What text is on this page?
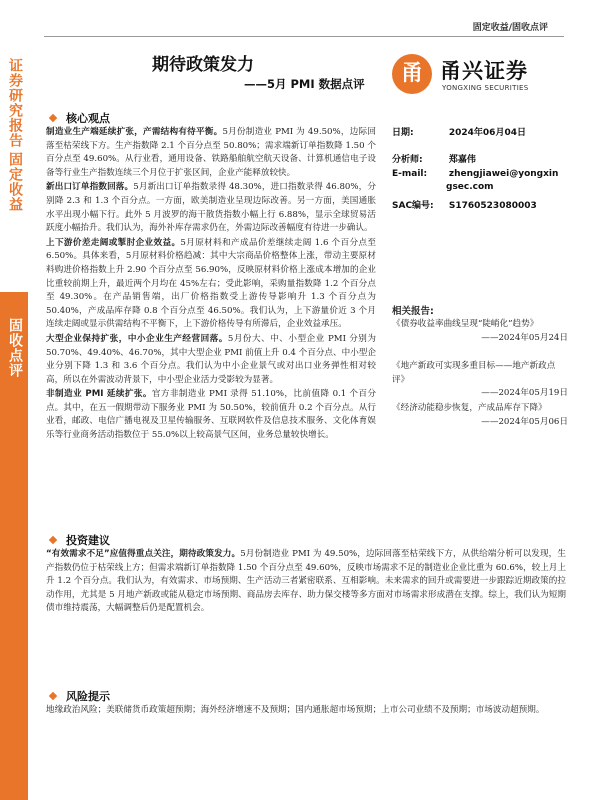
证券研究报告
固定收益
固收点评
固定收益/固收点评
期待政策发力
——5月 PMI 数据点评	甬 甬兴证券
YONGXING SECURITIES
日期:	2024年06月04日
分析师:	郑嘉伟
E-mail: zhengjiawei@yongxin
gsec.com
SAC编号: S1760523080003
相关报告:
《债券收益率曲线呈现“陡峭化”趋势》
——2024年05月24日
《地产新政可实现多重目标——地产新政点评》
——2024年05月19日
《经济动能稳步恢复，产成品库存下降》
——2024年05月06日
核心观点

制造业生产端延续扩张，产需结构有待平衡。5月份制造业 PMI 为 49.50%，边际回落至枯荣线下方。生产指数降 2.1 个百分点至 50.80%；需求端新订单指数降 1.50 个百分点至 49.60%。从行业看，通用设备、铁路船舶航空航天设备、计算机通信电子设备等行业生产指数连续三个月位于扩张区间，企业产能释放较快。

新出口订单指数回落。5月新出口订单指数录得 48.30%，进口指数录得 46.80%，分别降 2.3 和 1.3 个百分点。一方面，欧美制造业呈现边际改善。另一方面，美国通胀水平出现小幅下行。此外 5 月波罗的海干散货指数小幅上行 6.88%，显示全球贸易活跃度小幅抬升。我们认为，海外补库存需求仍在，外需边际改善幅度有待进一步确认。

上下游价差走阔或掣肘企业效益。5月原材料和产成品价差继续走阔 1.6 个百分点至 6.50%。具体来看，5月原材料价格趋减：其中大宗商品价格整体上涨，带动主要原材料购进价格指数上升 2.90 个百分点至 56.90%，反映原材料价格上涨成本增加的企业比重较前期上升，最近两个月均在 45%左右；受此影响，采购量指数降 1.2 个百分点至 49.30%。在产品销售端，出厂价格指数受上游传导影响升 1.3 个百分点为 50.40%，产成品库存降 0.8 个百分点至 46.50%。我们认为，上下游量价近 3 个月连续走阔或显示供需结构不平衡下，上下游价格传导有所滞后，企业效益承压。

大型企业保持扩张，中小企业生产经营回落。5月份大、中、小型企业 PMI 分别为 50.70%、49.40%、46.70%，其中大型企业 PMI 前值上升 0.4 个百分点、中小型企业分别下降 1.3 和 3.6 个百分点。我们认为中小企业景气或对出口业务弹性相对较高，所以在外需波动背景下，中小型企业活力受影较为显著。

非制造业 PMI 延续扩张。官方非制造业 PMI 录得 51.10%，比前值降 0.1 个百分点。其中，在五一假期带动下服务业 PMI 为 50.50%，较前值升 0.2 个百分点。从行业看，邮政、电信广播电视及卫星传输服务、互联网软件及信息技术服务、文化体育娱乐等行业商务活动指数位于 55.0%以上较高景气区间，业务总量较快增长。

投资建议

“有效需求不足”应值得重点关注，期待政策发力。5月份制造业 PMI 为 49.50%，边际回落至枯荣线下方，从供给端分析可以发现，生产指数仍位于枯荣线上方；但需求端新订单指数降 1.50 个百分点至 49.60%，反映市场需求不足的制造业企业比重为 60.6%，较上月上升 1.2 个百分点。我们认为，有效需求、市场预期、生产活动三者紧密联系、互相影响。未来需求的回升或需要进一步跟踪近期政策的拉动作用，尤其是 5 月地产新政或能从稳定市场预期、商品房去库存、助力保交楼等多方面对市场需求形成潜在支撑。综上，我们认为短期债市维持震荡，大幅调整后仍是配置机会。

风险提示

地缘政治风险；美联储货币政策超预期；海外经济增速不及预期；国内通胀超市场预期；上市公司业绩不及预期；市场波动超预期。
